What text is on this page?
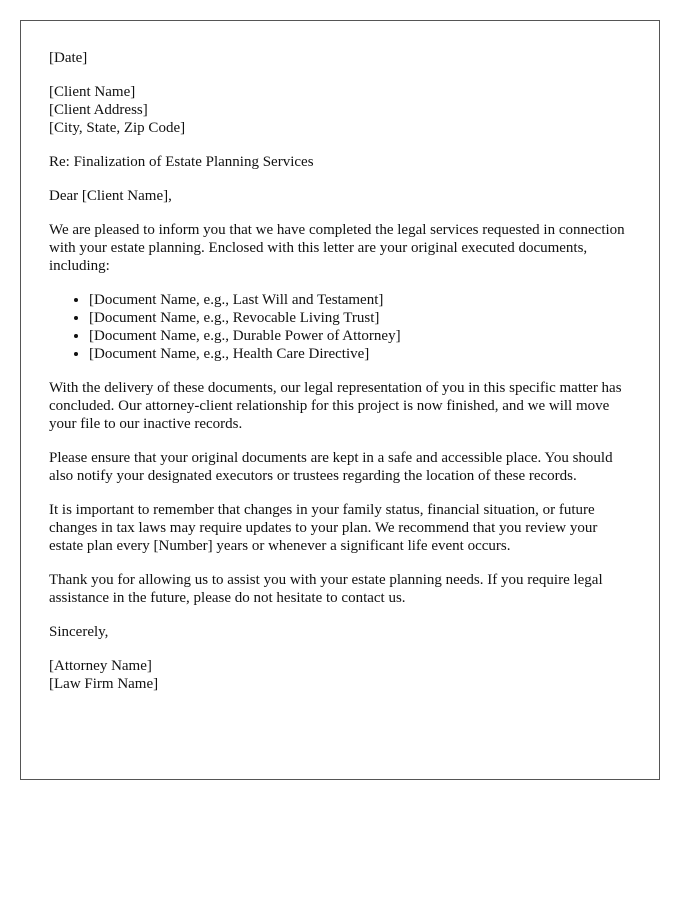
[Date]

[Client Name]
[Client Address]
[City, State, Zip Code]

Re: Finalization of Estate Planning Services

Dear [Client Name],

We are pleased to inform you that we have completed the legal services requested in connection with your estate planning. Enclosed with this letter are your original executed documents, including:

• [Document Name, e.g., Last Will and Testament]
• [Document Name, e.g., Revocable Living Trust]
• [Document Name, e.g., Durable Power of Attorney]
• [Document Name, e.g., Health Care Directive]

With the delivery of these documents, our legal representation of you in this specific matter has concluded. Our attorney-client relationship for this project is now finished, and we will move your file to our inactive records.

Please ensure that your original documents are kept in a safe and accessible place. You should also notify your designated executors or trustees regarding the location of these records.

It is important to remember that changes in your family status, financial situation, or future changes in tax laws may require updates to your plan. We recommend that you review your estate plan every [Number] years or whenever a significant life event occurs.

Thank you for allowing us to assist you with your estate planning needs. If you require legal assistance in the future, please do not hesitate to contact us.

Sincerely,

[Attorney Name]
[Law Firm Name]
